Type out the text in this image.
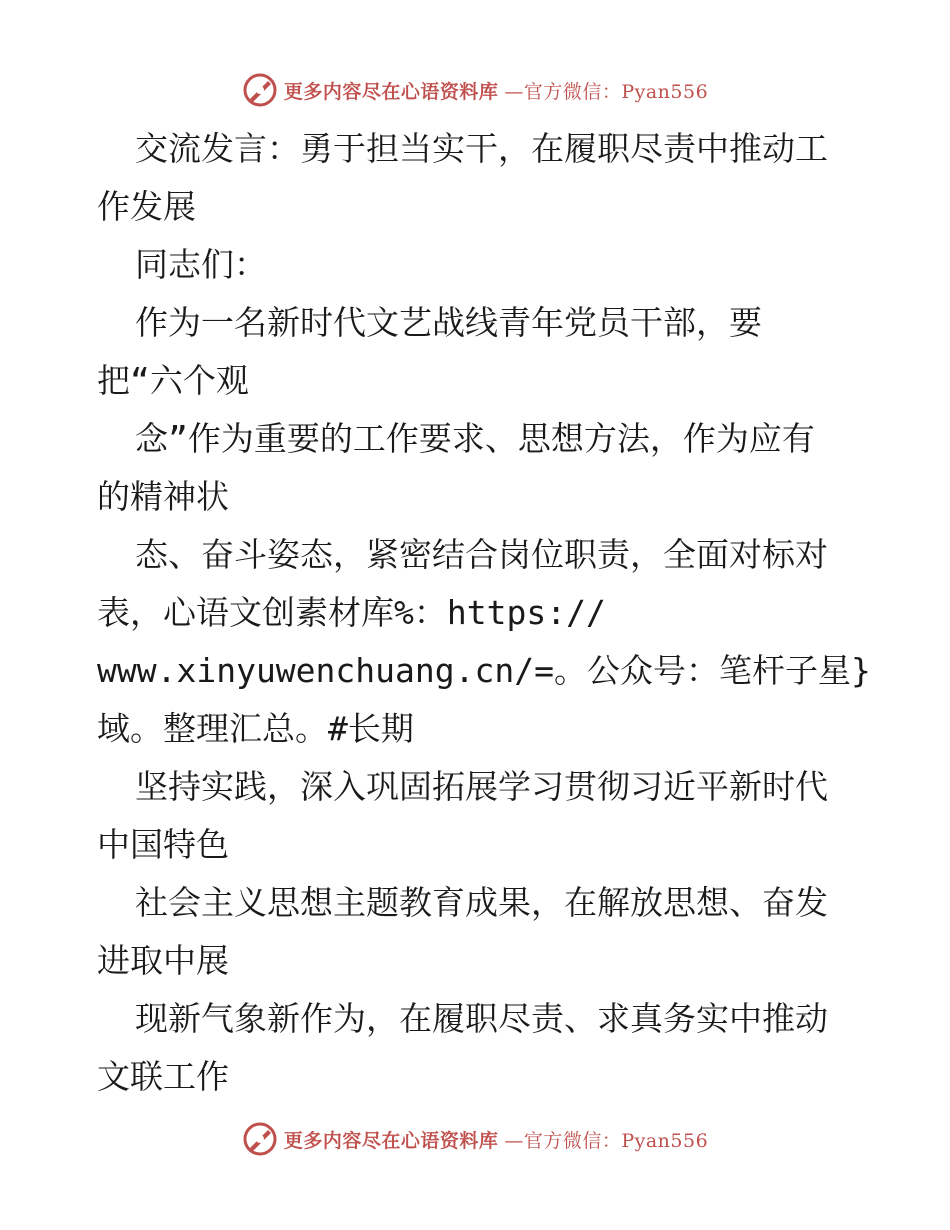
更多内容尽在心语资料库 —官方微信：Pyan556
交流发言：勇于担当实干，在履职尽责中推动工
作发展
同志们：
作为一名新时代文艺战线青年党员干部，要
把“六个观
念”作为重要的工作要求、思想方法，作为应有
的精神状
态、奋斗姿态，紧密结合岗位职责，全面对标对
表，心语文创素材库%：https://
www.xinyuwenchuang.cn/=。公众号：笔杆子星}
域。整理汇总。#长期
坚持实践，深入巩固拓展学习贯彻习近平新时代
中国特色
社会主义思想主题教育成果，在解放思想、奋发
进取中展
现新气象新作为，在履职尽责、求真务实中推动
文联工作
更多内容尽在心语资料库 —官方微信：Pyan556
